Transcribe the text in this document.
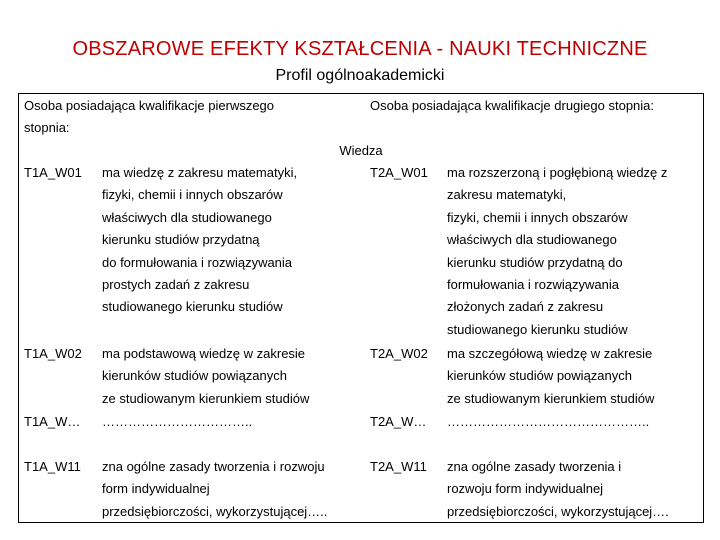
OBSZAROWE EFEKTY KSZTAŁCENIA - NAUKI TECHNICZNE
Profil ogólnoakademicki
Osoba posiadająca kwalifikacje pierwszego
stopnia:
Osoba posiadająca kwalifikacje drugiego stopnia:
Wiedza
T1A_W01 ma wiedzę z zakresu matematyki,
fizyki, chemii i innych obszarów
właściwych dla studiowanego
kierunku studiów przydatną
do formułowania i rozwiązywania
prostych zadań z zakresu
studiowanego kierunku studiów
T2A_W01 ma rozszerzoną i pogłębioną wiedzę z
zakresu matematyki,
fizyki, chemii i innych obszarów
właściwych dla studiowanego
kierunku studiów przydatną do
formułowania i rozwiązywania
złożonych zadań z zakresu
studiowanego kierunku studiów
T1A_W02 ma podstawową wiedzę w zakresie
kierunków studiów powiązanych
ze studiowanym kierunkiem studiów
T2A_W02 ma szczegółową wiedzę w zakresie
kierunków studiów powiązanych
ze studiowanym kierunkiem studiów
T1A_W… ……………………………..	T2A_W… ………………………………………..
T1A_W11 zna ogólne zasady tworzenia i rozwoju
form indywidualnej
przedsiębiorczości, wykorzystującej…..
T2A_W11 zna ogólne zasady tworzenia i
rozwoju form indywidualnej
przedsiębiorczości, wykorzystującej….
